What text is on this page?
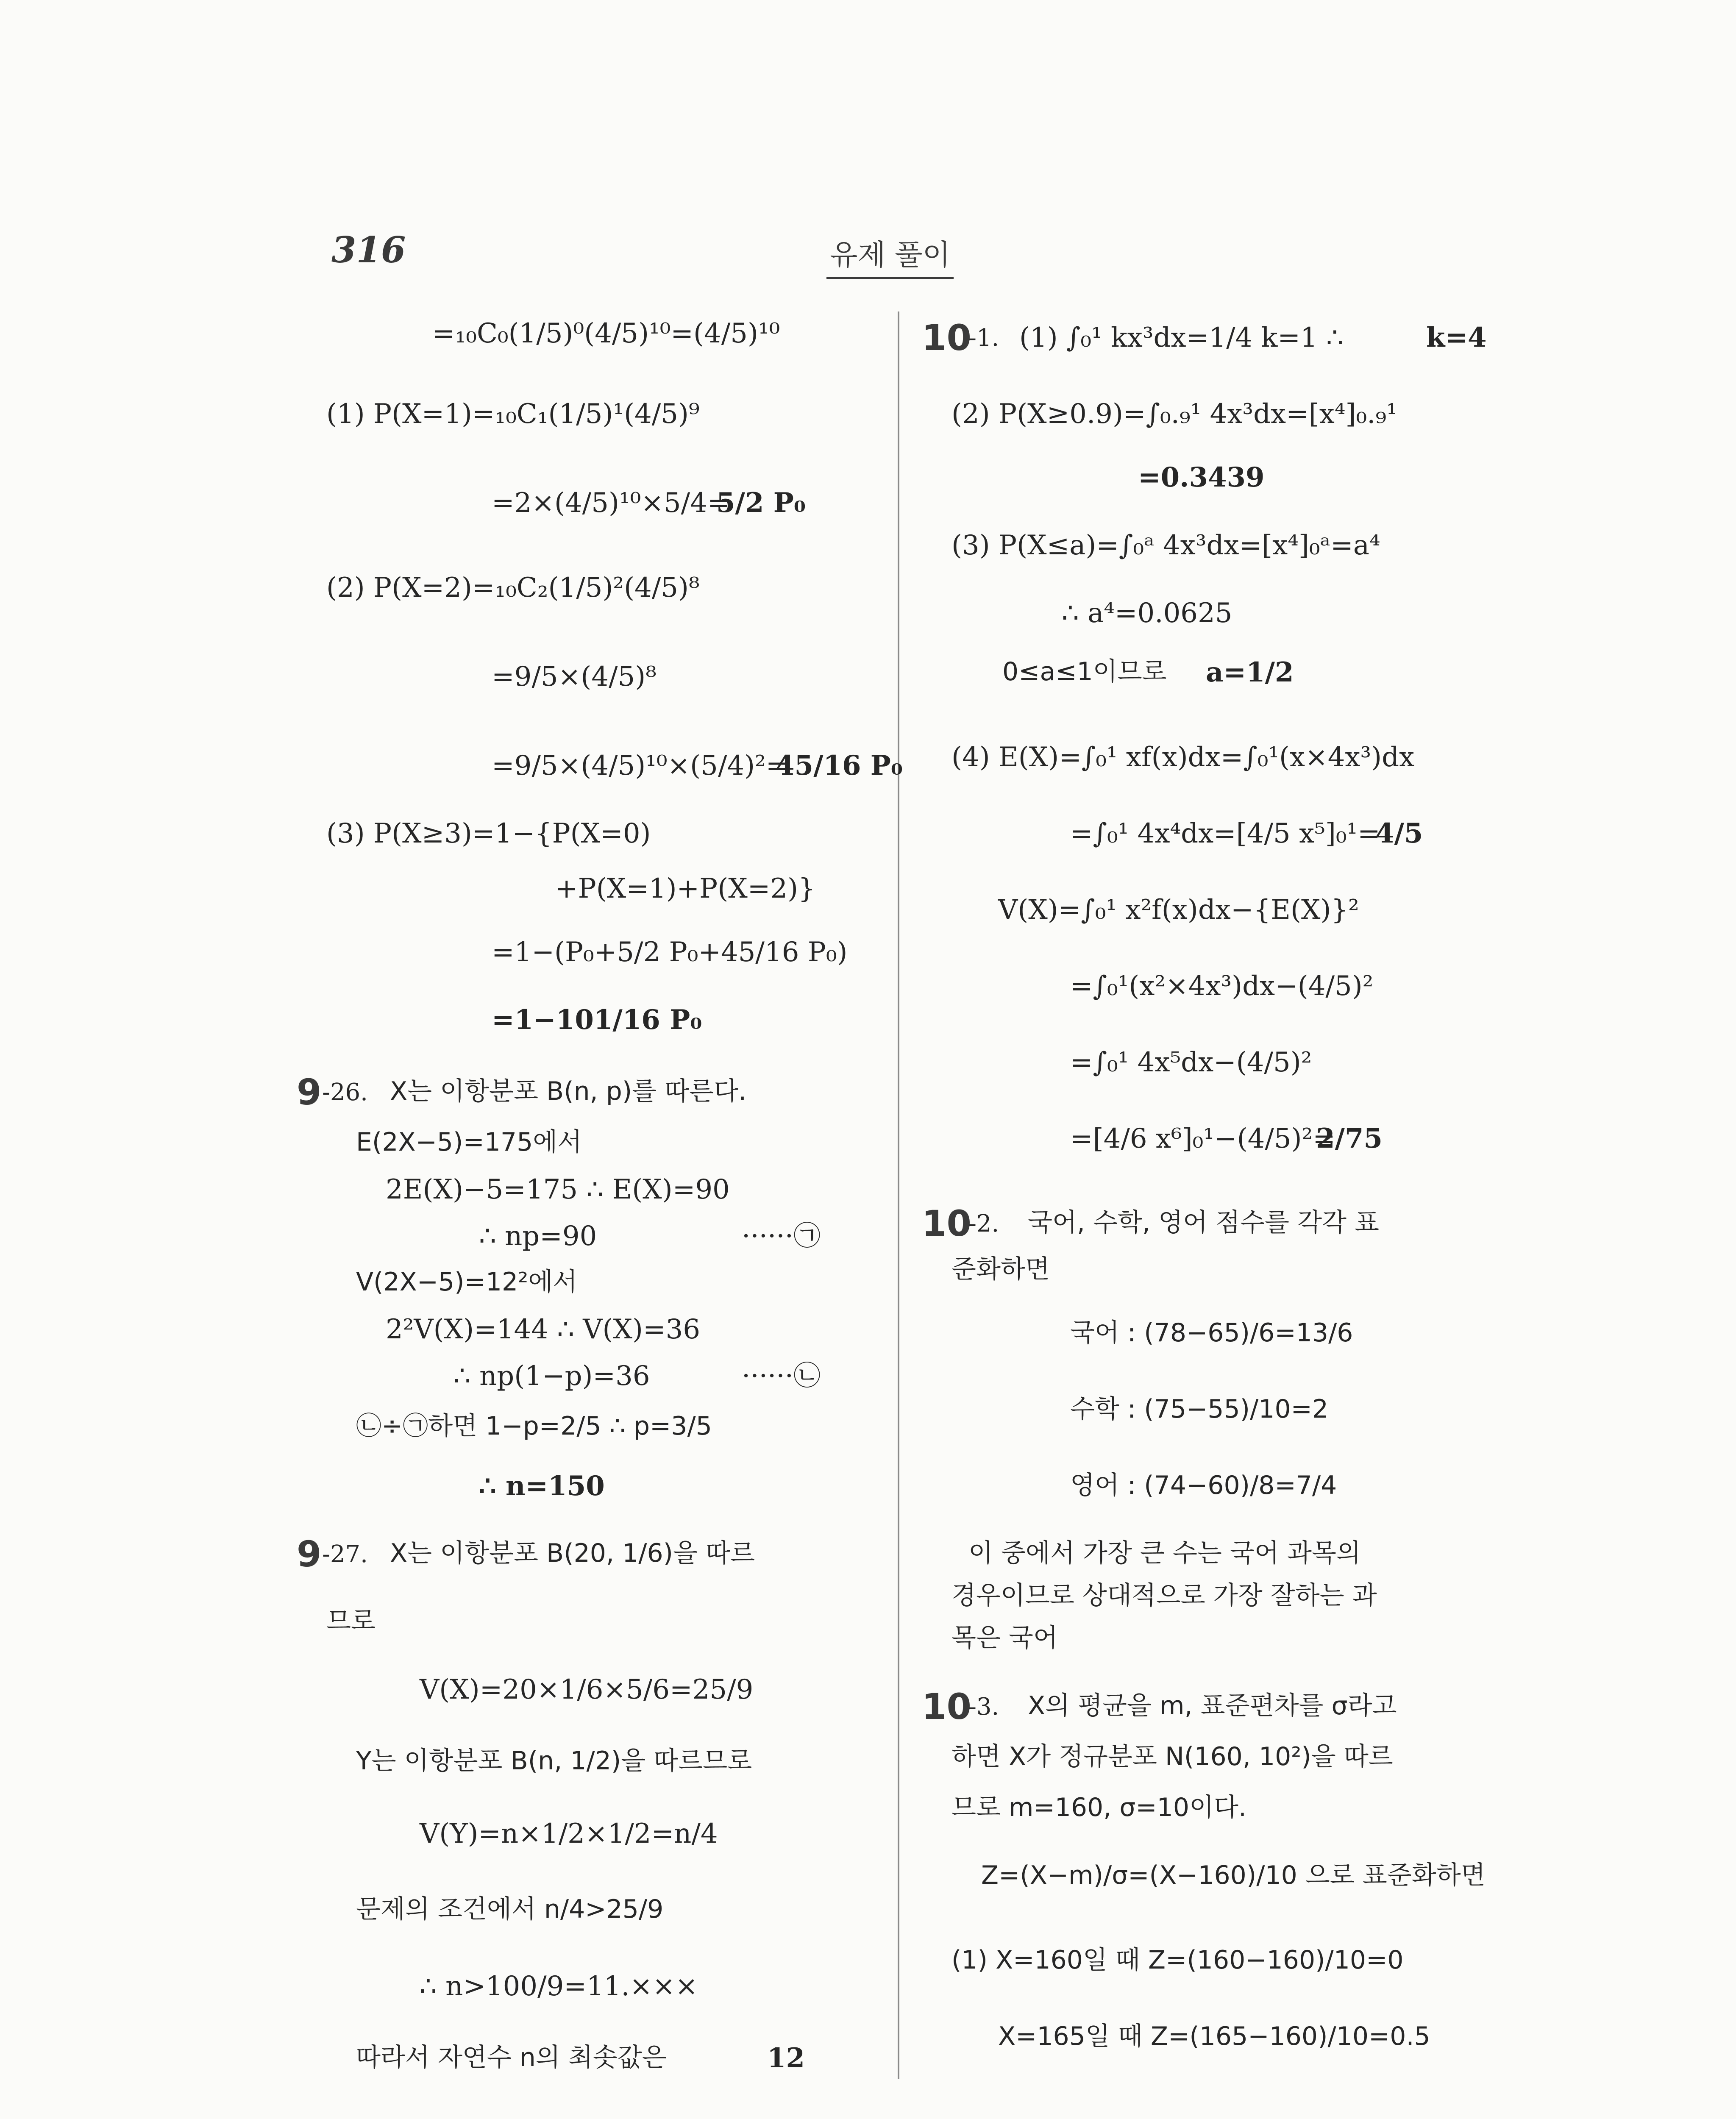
316	유제 풀이
=₁₀C₀(1/5)⁰(4/5)¹⁰=(4/5)¹⁰
(1) P(X=1)=₁₀C₁(1/5)¹(4/5)⁹
=2×(4/5)¹⁰×5/4=
5/2 P₀
(2) P(X=2)=₁₀C₂(1/5)²(4/5)⁸
=9/5×(4/5)⁸
=9/5×(4/5)¹⁰×(5/4)²=
45/16 P₀
(3) P(X≥3)=1−{P(X=0)
+P(X=1)+P(X=2)}
=1−(P₀+5/2 P₀+45/16 P₀)
=1−101/16 P₀
9 -26. X는 이항분포 B(n, p)를 따른다.
E(2X−5)=175에서
2E(X)−5=175 ∴ E(X)=90
∴ np=90	······㉠
V(2X−5)=12²에서
2²V(X)=144 ∴ V(X)=36
∴ np(1−p)=36	······㉡
㉡÷㉠하면 1−p=2/5 ∴ p=3/5
∴ n=150
9 -27. X는 이항분포 B(20, 1/6)을 따르
므로
V(X)=20×1/6×5/6=25/9
Y는 이항분포 B(n, 1/2)을 따르므로
V(Y)=n×1/2×1/2=n/4
문제의 조건에서 n/4>25/9
∴ n>100/9=11.×××
따라서 자연수 n의 최솟값은	12
10
-1. (1) ∫₀¹ kx³dx=1/4 k=1 ∴	k=4
(2) P(X≥0.9)=∫₀.₉¹ 4x³dx=[x⁴]₀.₉¹
=0.3439
(3) P(X≤a)=∫₀ᵃ 4x³dx=[x⁴]₀ᵃ=a⁴
∴ a⁴=0.0625
0≤a≤1이므로 a=1/2
(4) E(X)=∫₀¹ xf(x)dx=∫₀¹(x×4x³)dx
=∫₀¹ 4x⁴dx=[4/5 x⁵]₀¹=
4/5
V(X)=∫₀¹ x²f(x)dx−{E(X)}²
=∫₀¹(x²×4x³)dx−(4/5)²
=∫₀¹ 4x⁵dx−(4/5)²
=[4/6 x⁶]₀¹−(4/5)²=
2/75
10
-2. 국어, 수학, 영어 점수를 각각 표
준화하면
국어 : (78−65)/6=13/6
수학 : (75−55)/10=2
영어 : (74−60)/8=7/4
이 중에서 가장 큰 수는 국어 과목의
경우이므로 상대적으로 가장 잘하는 과
목은 국어
10
-3. X의 평균을 m, 표준편차를 σ라고
하면 X가 정규분포 N(160, 10²)을 따르
므로 m=160, σ=10이다.
Z=(X−m)/σ=(X−160)/10 으로 표준화하면
(1) X=160일 때 Z=(160−160)/10=0
X=165일 때 Z=(165−160)/10=0.5
